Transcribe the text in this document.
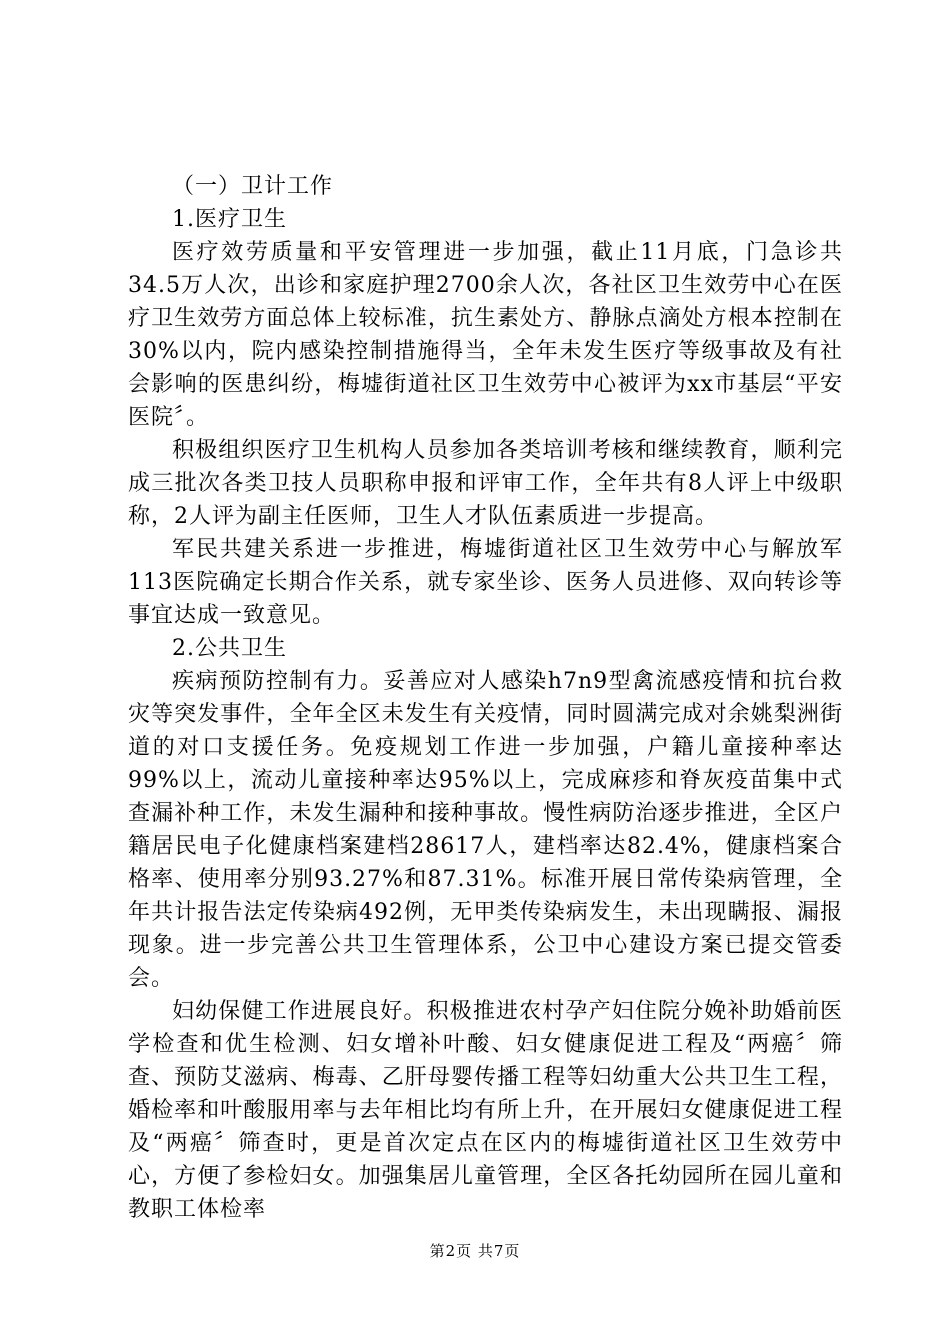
（一）卫计工作

1.医疗卫生

医疗效劳质量和平安管理进一步加强，截止11月底，门急诊共34.5万人次，出诊和家庭护理2700余人次，各社区卫生效劳中心在医疗卫生效劳方面总体上较标准，抗生素处方、静脉点滴处方根本控制在30%以内，院内感染控制措施得当，全年未发生医疗等级事故及有社会影响的医患纠纷，梅墟街道社区卫生效劳中心被评为xx市基层“平安医院〞。

积极组织医疗卫生机构人员参加各类培训考核和继续教育，顺利完成三批次各类卫技人员职称申报和评审工作，全年共有8人评上中级职称，2人评为副主任医师，卫生人才队伍素质进一步提高。

军民共建关系进一步推进，梅墟街道社区卫生效劳中心与解放军113医院确定长期合作关系，就专家坐诊、医务人员进修、双向转诊等事宜达成一致意见。

2.公共卫生

疾病预防控制有力。妥善应对人感染h7n9型禽流感疫情和抗台救灾等突发事件，全年全区未发生有关疫情，同时圆满完成对余姚梨洲街道的对口支援任务。免疫规划工作进一步加强，户籍儿童接种率达99%以上，流动儿童接种率达95%以上，完成麻疹和脊灰疫苗集中式查漏补种工作，未发生漏种和接种事故。慢性病防治逐步推进，全区户籍居民电子化健康档案建档28617人，建档率达82.4%，健康档案合格率、使用率分别93.27%和87.31%。标准开展日常传染病管理，全年共计报告法定传染病492例，无甲类传染病发生，未出现瞒报、漏报现象。进一步完善公共卫生管理体系，公卫中心建设方案已提交管委会。

妇幼保健工作进展良好。积极推进农村孕产妇住院分娩补助婚前医学检查和优生检测、妇女增补叶酸、妇女健康促进工程及“两癌〞筛查、预防艾滋病、梅毒、乙肝母婴传播工程等妇幼重大公共卫生工程，婚检率和叶酸服用率与去年相比均有所上升，在开展妇女健康促进工程及“两癌〞筛查时，更是首次定点在区内的梅墟街道社区卫生效劳中心，方便了参检妇女。加强集居儿童管理，全区各托幼园所在园儿童和教职工体检率

第2页 共7页
